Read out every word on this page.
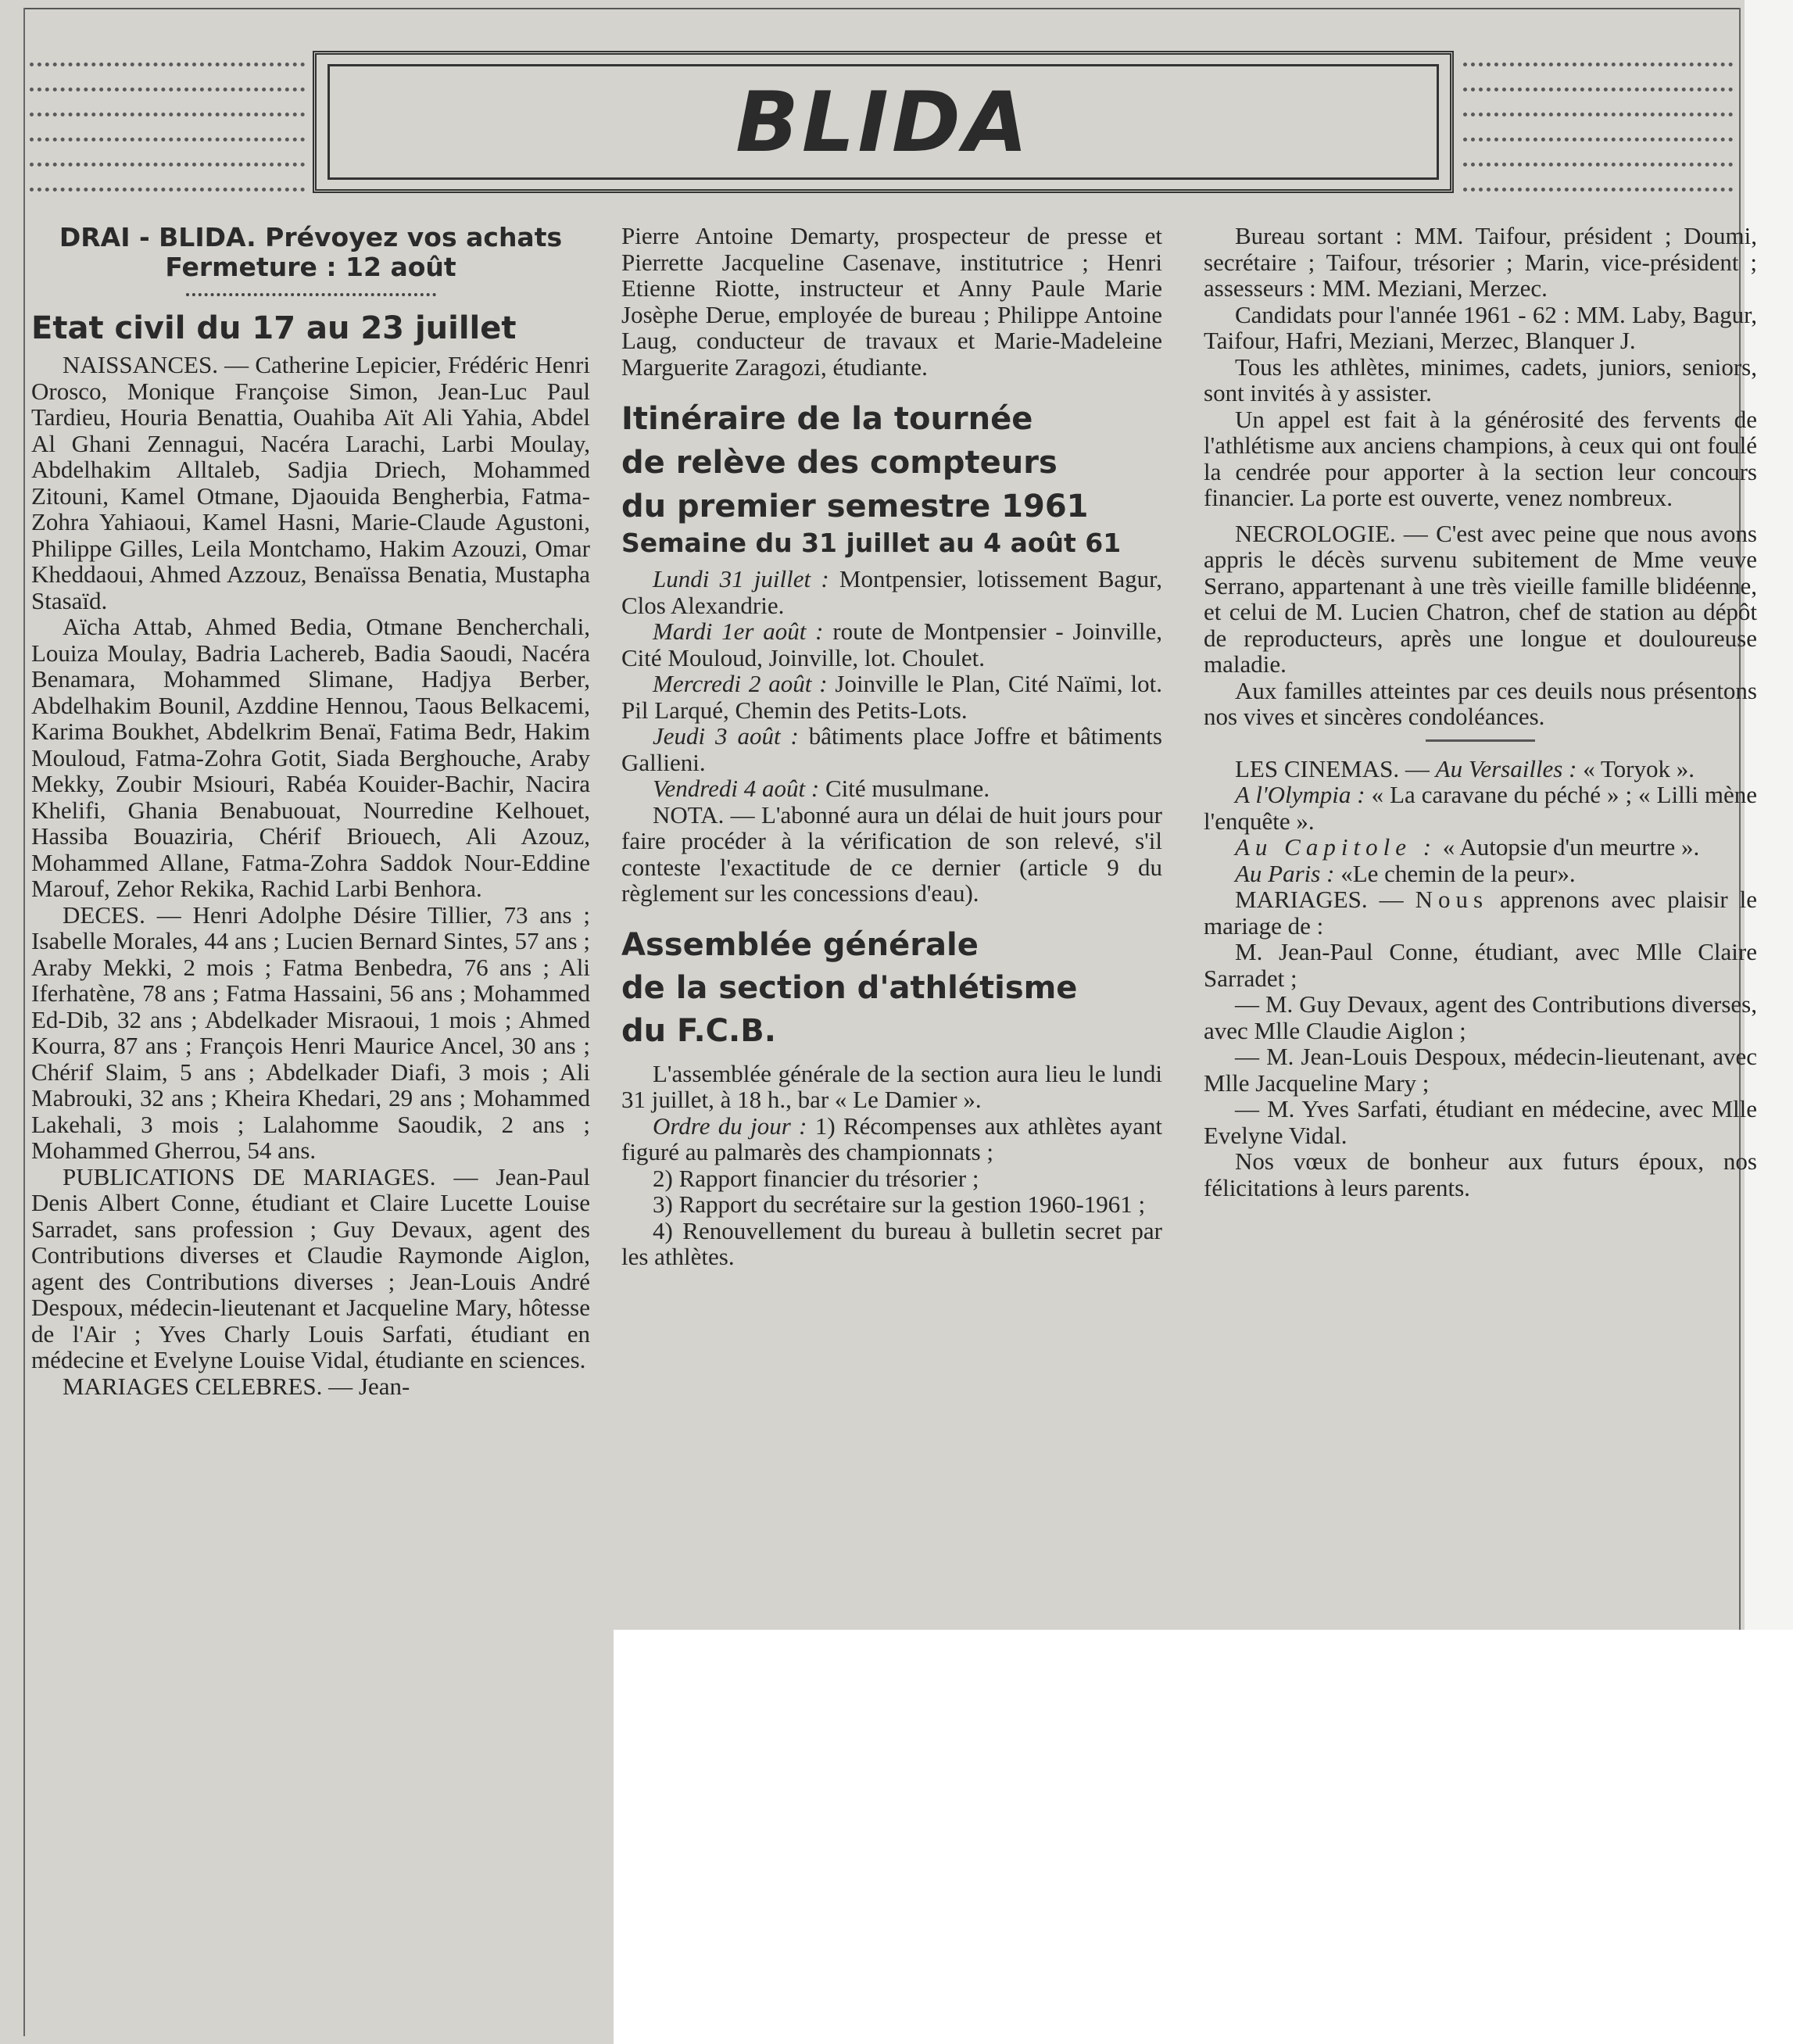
BLIDA
DRAI - BLIDA. Prévoyez vos achats
Fermeture : 12 août
Etat civil du 17 au 23 juillet

NAISSANCES. — Catherine Lepicier, Frédéric Henri Orosco, Monique Françoise Simon, Jean-Luc Paul Tardieu, Houria Benattia, Ouahiba Aït Ali Yahia, Abdel Al Ghani Zennagui, Nacéra Larachi, Larbi Moulay, Abdelhakim Alltaleb, Sadjia Driech, Mohammed Zitouni, Kamel Otmane, Djaouida Bengherbia, Fatma-Zohra Yahiaoui, Kamel Hasni, Marie-Claude Agustoni, Philippe Gilles, Leila Montchamo, Hakim Azouzi, Omar Kheddaoui, Ahmed Azzouz, Benaïssa Benatia, Mustapha Stasaïd.

Aïcha Attab, Ahmed Bedia, Otmane Bencherchali, Louiza Moulay, Badria Lachereb, Badia Saoudi, Nacéra Benamara, Mohammed Slimane, Hadjya Berber, Abdelhakim Bounil, Azddine Hennou, Taous Belkacemi, Karima Boukhet, Abdelkrim Benaï, Fatima Bedr, Hakim Mouloud, Fatma-Zohra Gotit, Siada Berghouche, Araby Mekky, Zoubir Msiouri, Rabéa Kouider-Bachir, Nacira Khelifi, Ghania Benabuouat, Nourredine Kelhouet, Hassiba Bouaziria, Chérif Briouech, Ali Azouz, Mohammed Allane, Fatma-Zohra Saddok Nour-Eddine Marouf, Zehor Rekika, Rachid Larbi Benhora.

DECES. — Henri Adolphe Désire Tillier, 73 ans ; Isabelle Morales, 44 ans ; Lucien Bernard Sintes, 57 ans ; Araby Mekki, 2 mois ; Fatma Benbedra, 76 ans ; Ali Iferhatène, 78 ans ; Fatma Hassaini, 56 ans ; Mohammed Ed-Dib, 32 ans ; Abdelkader Misraoui, 1 mois ; Ahmed Kourra, 87 ans ; François Henri Maurice Ancel, 30 ans ; Chérif Slaim, 5 ans ; Abdelkader Diafi, 3 mois ; Ali Mabrouki, 32 ans ; Kheira Khedari, 29 ans ; Mohammed Lakehali, 3 mois ; Lalahomme Saoudik, 2 ans ; Mohammed Gherrou, 54 ans.

PUBLICATIONS DE MARIAGES. — Jean-Paul Denis Albert Conne, étudiant et Claire Lucette Louise Sarradet, sans profession ; Guy Devaux, agent des Contributions diverses et Claudie Raymonde Aiglon, agent des Contributions diverses ; Jean-Louis André Despoux, médecin-lieutenant et Jacqueline Mary, hôtesse de l'Air ; Yves Charly Louis Sarfati, étudiant en médecine et Evelyne Louise Vidal, étudiante en sciences.

MARIAGES CELEBRES. — Jean-

Pierre Antoine Demarty, prospecteur de presse et Pierrette Jacqueline Casenave, institutrice ; Henri Etienne Riotte, instructeur et Anny Paule Marie Josèphe Derue, employée de bureau ; Philippe Antoine Laug, conducteur de travaux et Marie-Madeleine Marguerite Zaragozi, étudiante.

Itinéraire de la tournée
de relève des compteurs
du premier semestre 1961
Semaine du 31 juillet au 4 août 61

Lundi 31 juillet : Montpensier, lotissement Bagur, Clos Alexandrie.

Mardi 1er août : route de Montpensier - Joinville, Cité Mouloud, Joinville, lot. Choulet.

Mercredi 2 août : Joinville le Plan, Cité Naïmi, lot. Pil Larqué, Chemin des Petits-Lots.

Jeudi 3 août : bâtiments place Joffre et bâtiments Gallieni.

Vendredi 4 août : Cité musulmane.

NOTA. — L'abonné aura un délai de huit jours pour faire procéder à la vérification de son relevé, s'il conteste l'exactitude de ce dernier (article 9 du règlement sur les concessions d'eau).

Assemblée générale
de la section d'athlétisme
du F.C.B.

L'assemblée générale de la section aura lieu le lundi 31 juillet, à 18 h., bar « Le Damier ».

Ordre du jour : 1) Récompenses aux athlètes ayant figuré au palmarès des championnats ;

2) Rapport financier du trésorier ;

3) Rapport du secrétaire sur la gestion 1960-1961 ;

4) Renouvellement du bureau à bulletin secret par les athlètes.

Bureau sortant : MM. Taifour, président ; Doumi, secrétaire ; Taifour, trésorier ; Marin, vice-président ; assesseurs : MM. Meziani, Merzec.

Candidats pour l'année 1961 - 62 : MM. Laby, Bagur, Taifour, Hafri, Meziani, Merzec, Blanquer J.

Tous les athlètes, minimes, cadets, juniors, seniors, sont invités à y assister.

Un appel est fait à la générosité des fervents de l'athlétisme aux anciens champions, à ceux qui ont foulé la cendrée pour apporter à la section leur concours financier. La porte est ouverte, venez nombreux.

NECROLOGIE. — C'est avec peine que nous avons appris le décès survenu subitement de Mme veuve Serrano, appartenant à une très vieille famille blidéenne, et celui de M. Lucien Chatron, chef de station au dépôt de reproducteurs, après une longue et douloureuse maladie.

Aux familles atteintes par ces deuils nous présentons nos vives et sincères condoléances.

LES CINEMAS. — Au Versailles : « Toryok ».

A l'Olympia : « La caravane du péché » ; « Lilli mène l'enquête ».

Au Capitole : « Autopsie d'un meurtre ».

Au Paris : «Le chemin de la peur».

MARIAGES. — Nous apprenons avec plaisir le mariage de :

M. Jean-Paul Conne, étudiant, avec Mlle Claire Sarradet ;

— M. Guy Devaux, agent des Contributions diverses, avec Mlle Claudie Aiglon ;

— M. Jean-Louis Despoux, médecin-lieutenant, avec Mlle Jacqueline Mary ;

— M. Yves Sarfati, étudiant en médecine, avec Mlle Evelyne Vidal.

Nos vœux de bonheur aux futurs époux, nos félicitations à leurs parents.
